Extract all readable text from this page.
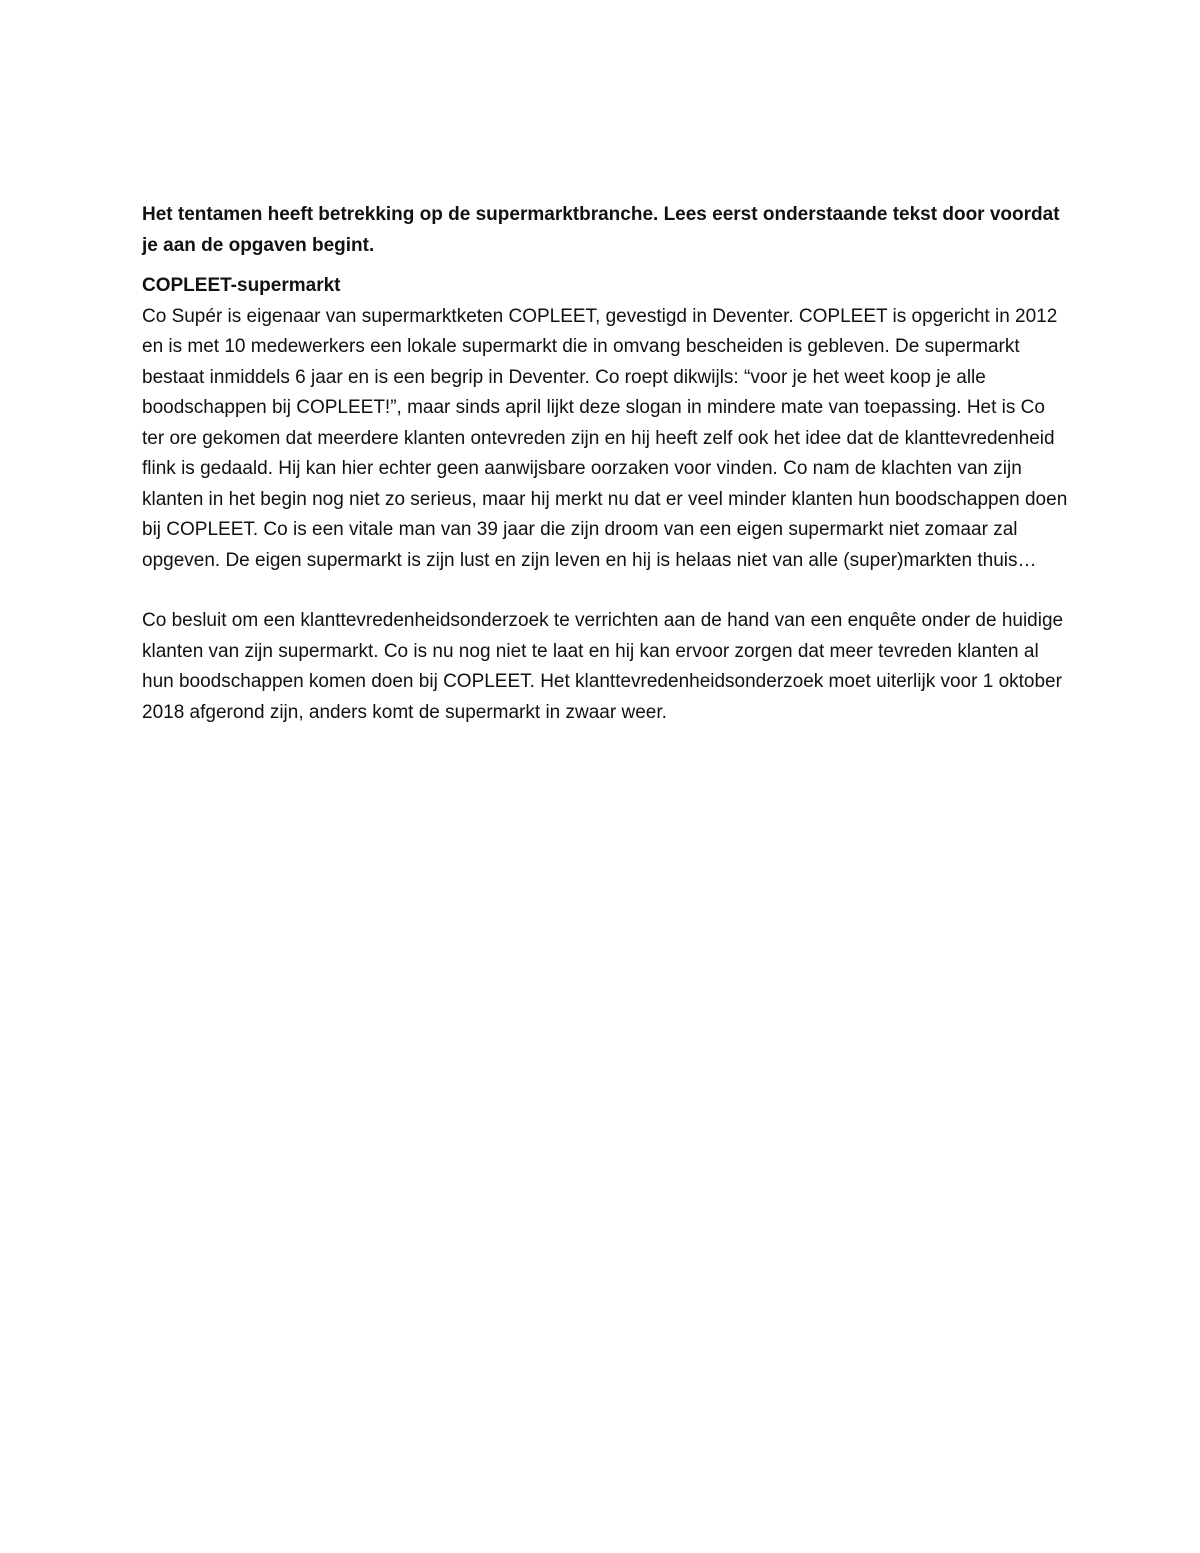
Het tentamen heeft betrekking op de supermarktbranche. Lees eerst onderstaande tekst door voordat je aan de opgaven begint.

COPLEET-supermarkt

Co Supér is eigenaar van supermarktketen COPLEET, gevestigd in Deventer. COPLEET is opgericht in 2012 en is met 10 medewerkers een lokale supermarkt die in omvang bescheiden is gebleven. De supermarkt bestaat inmiddels 6 jaar en is een begrip in Deventer. Co roept dikwijls: “voor je het weet koop je alle boodschappen bij COPLEET!”, maar sinds april lijkt deze slogan in mindere mate van toepassing. Het is Co ter ore gekomen dat meerdere klanten ontevreden zijn en hij heeft zelf ook het idee dat de klanttevredenheid flink is gedaald. Hij kan hier echter geen aanwijsbare oorzaken voor vinden. Co nam de klachten van zijn klanten in het begin nog niet zo serieus, maar hij merkt nu dat er veel minder klanten hun boodschappen doen bij COPLEET. Co is een vitale man van 39 jaar die zijn droom van een eigen supermarkt niet zomaar zal opgeven. De eigen supermarkt is zijn lust en zijn leven en hij is helaas niet van alle (super)markten thuis…

Co besluit om een klanttevredenheidsonderzoek te verrichten aan de hand van een enquête onder de huidige klanten van zijn supermarkt. Co is nu nog niet te laat en hij kan ervoor zorgen dat meer tevreden klanten al hun boodschappen komen doen bij COPLEET. Het klanttevredenheidsonderzoek moet uiterlijk voor 1 oktober 2018 afgerond zijn, anders komt de supermarkt in zwaar weer.
